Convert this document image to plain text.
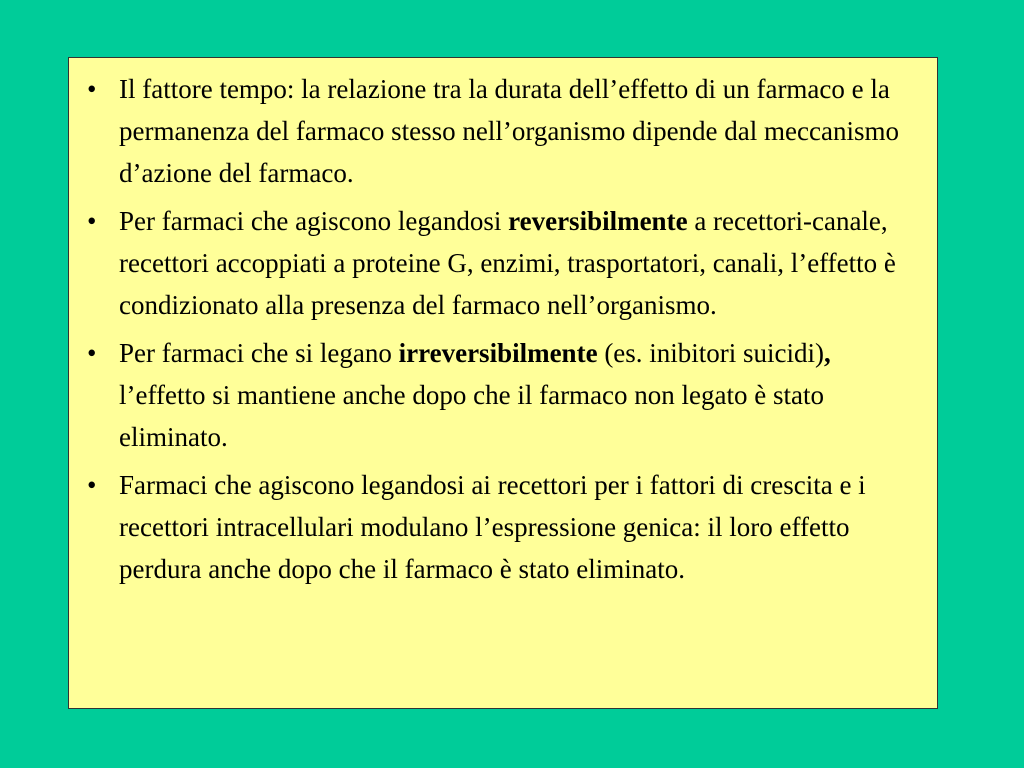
• Il fattore tempo: la relazione tra la durata dell’effetto di un farmaco e la permanenza del farmaco stesso nell’organismo dipende dal meccanismo d’azione del farmaco.
• Per farmaci che agiscono legandosi reversibilmente a recettori-canale, recettori accoppiati a proteine G, enzimi, trasportatori, canali, l’effetto è condizionato alla presenza del farmaco nell’organismo.
• Per farmaci che si legano irreversibilmente (es. inibitori suicidi), l’effetto si mantiene anche dopo che il farmaco non legato è stato eliminato.
• Farmaci che agiscono legandosi ai recettori per i fattori di crescita e i recettori intracellulari modulano l’espressione genica: il loro effetto perdura anche dopo che il farmaco è stato eliminato.
